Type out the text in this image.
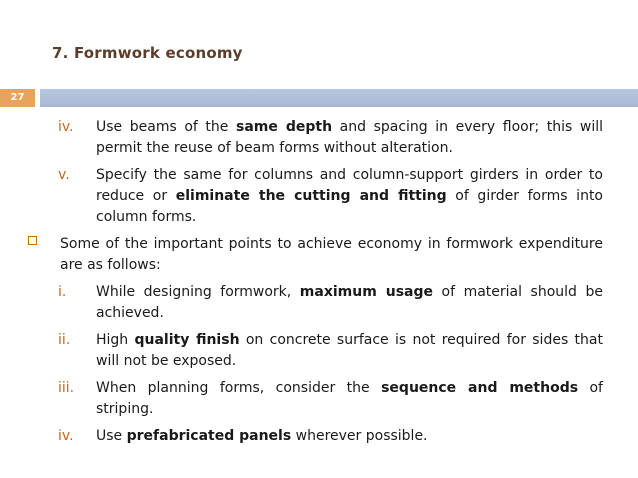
7. Formwork economy
27
iv. Use beams of the same depth and spacing in every floor; this will permit the reuse of beam forms without alteration.
v. Specify the same for columns and column-support girders in order to reduce or eliminate the cutting and fitting of girder forms into column forms.
Some of the important points to achieve economy in formwork expenditure are as follows:
i. While designing formwork, maximum usage of material should be achieved.
ii. High quality finish on concrete surface is not required for sides that will not be exposed.
iii. When planning forms, consider the sequence and methods of striping.
iv. Use prefabricated panels wherever possible.
